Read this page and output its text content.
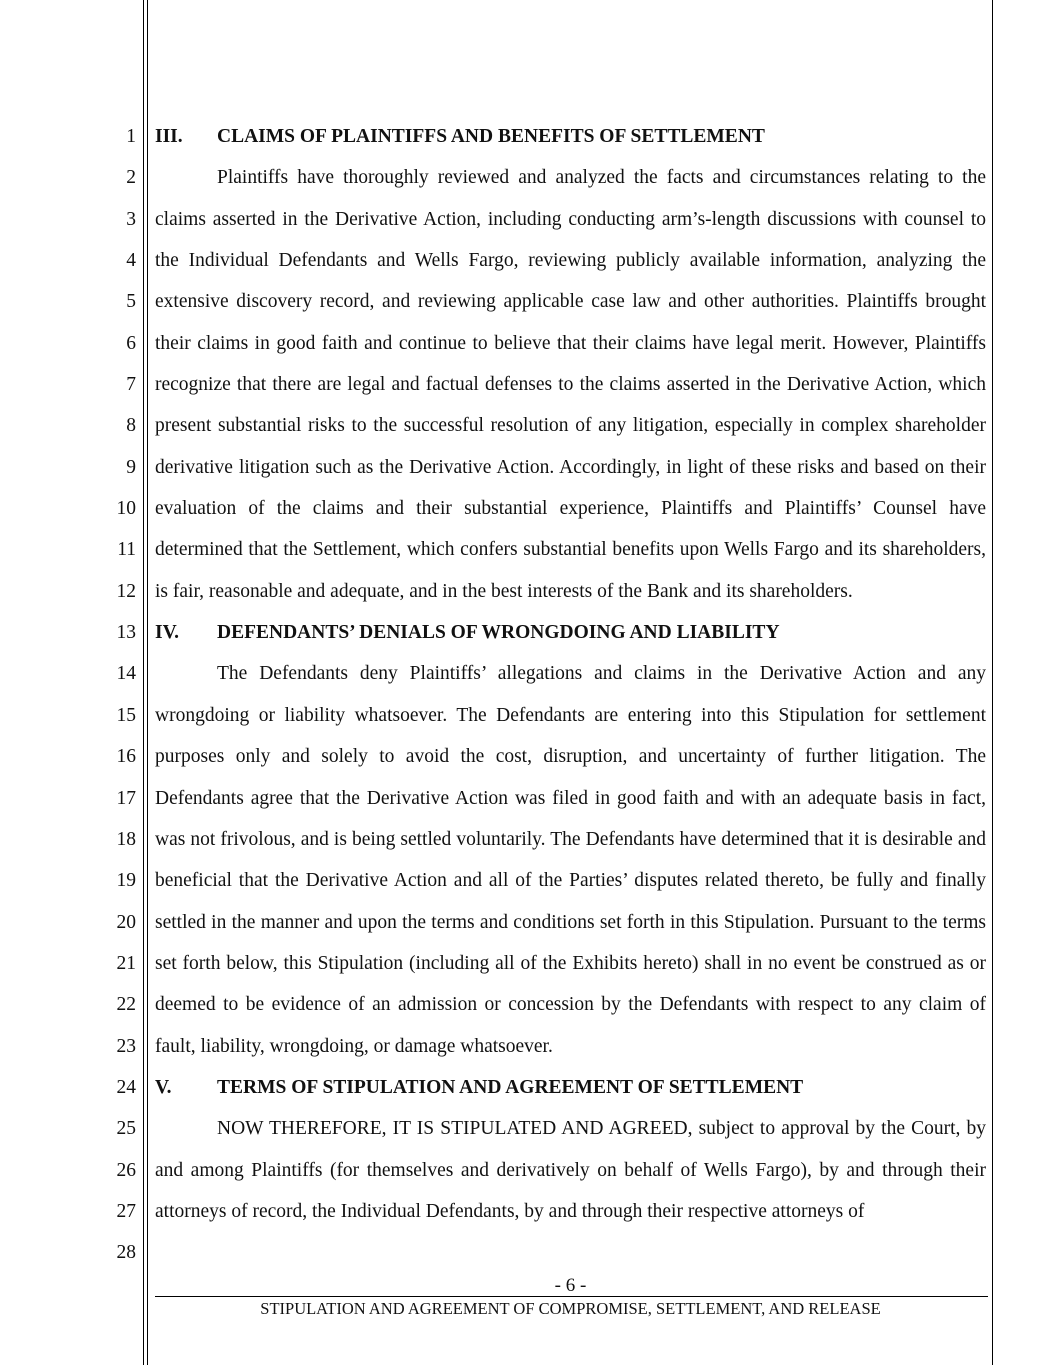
1
2
3
4
5
6
7
8
9
10
11
12
13
14
15
16
17
18
19
20
21
22
23
24
25
26
27
28
III. CLAIMS OF PLAINTIFFS AND BENEFITS OF SETTLEMENT

Plaintiffs have thoroughly reviewed and analyzed the facts and circumstances relating to the claims asserted in the Derivative Action, including conducting arm’s-length discussions with counsel to the Individual Defendants and Wells Fargo, reviewing publicly available information, analyzing the extensive discovery record, and reviewing applicable case law and other authorities. Plaintiffs brought their claims in good faith and continue to believe that their claims have legal merit. However, Plaintiffs recognize that there are legal and factual defenses to the claims asserted in the Derivative Action, which present substantial risks to the successful resolution of any litigation, especially in complex shareholder derivative litigation such as the Derivative Action. Accordingly, in light of these risks and based on their evaluation of the claims and their substantial experience, Plaintiffs and Plaintiffs’ Counsel have determined that the Settlement, which confers substantial benefits upon Wells Fargo and its shareholders, is fair, reasonable and adequate, and in the best interests of the Bank and its shareholders.

IV. DEFENDANTS’ DENIALS OF WRONGDOING AND LIABILITY

The Defendants deny Plaintiffs’ allegations and claims in the Derivative Action and any wrongdoing or liability whatsoever. The Defendants are entering into this Stipulation for settlement purposes only and solely to avoid the cost, disruption, and uncertainty of further litigation. The Defendants agree that the Derivative Action was filed in good faith and with an adequate basis in fact, was not frivolous, and is being settled voluntarily. The Defendants have determined that it is desirable and beneficial that the Derivative Action and all of the Parties’ disputes related thereto, be fully and finally settled in the manner and upon the terms and conditions set forth in this Stipulation. Pursuant to the terms set forth below, this Stipulation (including all of the Exhibits hereto) shall in no event be construed as or deemed to be evidence of an admission or concession by the Defendants with respect to any claim of fault, liability, wrongdoing, or damage whatsoever.

V. TERMS OF STIPULATION AND AGREEMENT OF SETTLEMENT

NOW THEREFORE, IT IS STIPULATED AND AGREED, subject to approval by the Court, by and among Plaintiffs (for themselves and derivatively on behalf of Wells Fargo), by and through their attorneys of record, the Individual Defendants, by and through their respective attorneys of

- 6 -
STIPULATION AND AGREEMENT OF COMPROMISE, SETTLEMENT, AND RELEASE
